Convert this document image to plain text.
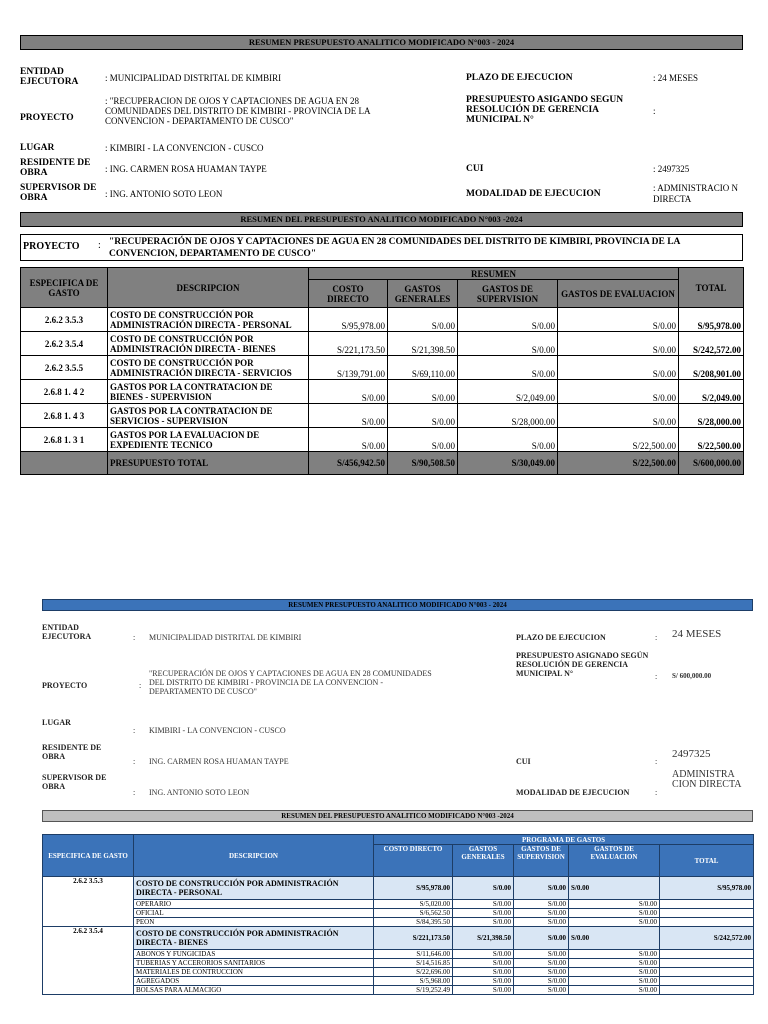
RESUMEN PRESUPUESTO ANALITICO MODIFICADO N°003 - 2024
ENTIDAD EJECUTORA	: MUNICIPALIDAD DISTRITAL DE KIMBIRI	PLAZO DE EJECUCION	: 24 MESES
PROYECTO
: "RECUPERACION DE OJOS Y CAPTACIONES DE AGUA EN 28 COMUNIDADES DEL DISTRITO DE KIMBIRI - PROVINCIA DE LA CONVENCION - DEPARTAMENTO DE CUSCO"
PRESUPUESTO ASIGANDO SEGUN RESOLUCIÓN DE GERENCIA MUNICIPAL N°
:
LUGAR	: KIMBIRI - LA CONVENCION - CUSCO
RESIDENTE DE OBRA	: ING. CARMEN ROSA HUAMAN TAYPE	CUI	: 2497325
SUPERVISOR DE OBRA	: ING. ANTONIO SOTO LEON	MODALIDAD DE EJECUCION
: ADMINISTRACIO N DIRECTA
RESUMEN DEL PRESUPUESTO ANALITICO MODIFICADO N°003 -2024
PROYECTO : "RECUPERACIÓN DE OJOS Y CAPTACIONES DE AGUA EN 28 COMUNIDADES DEL DISTRITO DE KIMBIRI, PROVINCIA DE LA CONVENCION, DEPARTAMENTO DE CUSCO"
ESPECIFICA DE GASTO	DESCRIPCION	RESUMEN				TOTAL
		COSTO DIRECTO	GASTOS GENERALES	GASTOS DE SUPERVISION	GASTOS DE EVALUACION	
2.6.2 3.5.3	COSTO DE CONSTRUCCIÓN POR ADMINISTRACIÓN DIRECTA - PERSONAL	S/95,978.00	S/0.00	S/0.00	S/0.00	S/95,978.00
2.6.2 3.5.4	COSTO DE CONSTRUCCIÓN POR ADMINISTRACIÓN DIRECTA - BIENES	S/221,173.50	S/21,398.50	S/0.00	S/0.00	S/242,572.00
2.6.2 3.5.5	COSTO DE CONSTRUCCIÓN POR ADMINISTRACIÓN DIRECTA - SERVICIOS	S/139,791.00	S/69,110.00	S/0.00	S/0.00	S/208,901.00
2.6.8 1. 4 2	GASTOS POR LA CONTRATACION DE BIENES - SUPERVISION	S/0.00	S/0.00	S/2,049.00	S/0.00	S/2,049.00
2.6.8 1. 4 3	GASTOS POR LA CONTRATACION DE SERVICIOS - SUPERVISION	S/0.00	S/0.00	S/28,000.00	S/0.00	S/28,000.00
2.6.8 1. 3 1	GASTOS POR LA EVALUACION DE EXPEDIENTE TECNICO	S/0.00	S/0.00	S/0.00	S/22,500.00	S/22,500.00
	PRESUPUESTO TOTAL	S/456,942.50	S/90,508.50	S/30,049.00	S/22,500.00	S/600,000.00
RESUMEN PRESUPUESTO ANALITICO MODIFICADO N°003 - 2024
ENTIDAD EJECUTORA	: MUNICIPALIDAD DISTRITAL DE KIMBIRI	PLAZO DE EJECUCION	: 24 MESES
PRESUPUESTO ASIGNADO SEGÚN RESOLUCIÓN DE GERENCIA MUNICIPAL N°	: S/ 600,000.00
PROYECTO	:
"RECUPERACIÓN DE OJOS Y CAPTACIONES DE AGUA EN 28 COMUNIDADES DEL DISTRITO DE KIMBIRI - PROVINCIA DE LA CONVENCION - DEPARTAMENTO DE CUSCO"
LUGAR
: KIMBIRI - LA CONVENCION - CUSCO
RESIDENTE DE OBRA
: ING. CARMEN ROSA HUAMAN TAYPE	CUI	:
2497325
SUPERVISOR DE OBRA
: ING. ANTONIO SOTO LEON	MODALIDAD DE EJECUCION	:
ADMINISTRA CION DIRECTA
RESUMEN DEL PRESUPUESTO ANALITICO MODIFICADO N°003 -2024
ESPECIFICA DE GASTO	DESCRIPCION	PROGRAMA DE GASTOS				
		COSTO DIRECTO	GASTOS GENERALES	GASTOS DE SUPERVISION	GASTOS DE EVALUACION	TOTAL
2.6.2 3.5.3	COSTO DE CONSTRUCCIÓN POR ADMINISTRACIÓN DIRECTA - PERSONAL	S/95,978.00	S/0.00	S/0.00	S/0.00	S/95,978.00
	OPERARIO	S/5,020.00	S/0.00	S/0.00	S/0.00	
	OFICIAL	S/6,562.50	S/0.00	S/0.00	S/0.00	
	PEON	S/84,395.50	S/0.00	S/0.00	S/0.00	
2.6.2 3.5.4	COSTO DE CONSTRUCCIÓN POR ADMINISTRACIÓN DIRECTA - BIENES	S/221,173.50	S/21,398.50	S/0.00	S/0.00	S/242,572.00
	ABONOS Y FUNGICIDAS	S/11,646.00	S/0.00	S/0.00	S/0.00	
	TUBERIAS Y ACCERORIOS SANITARIOS	S/14,516.85	S/0.00	S/0.00	S/0.00	
	MATERIALES DE CONTRUCCION	S/22,696.00	S/0.00	S/0.00	S/0.00	
	AGREGADOS	S/5,968.00	S/0.00	S/0.00	S/0.00	
	BOLSAS PARA ALMACIGO	S/19,252.49	S/0.00	S/0.00	S/0.00	
